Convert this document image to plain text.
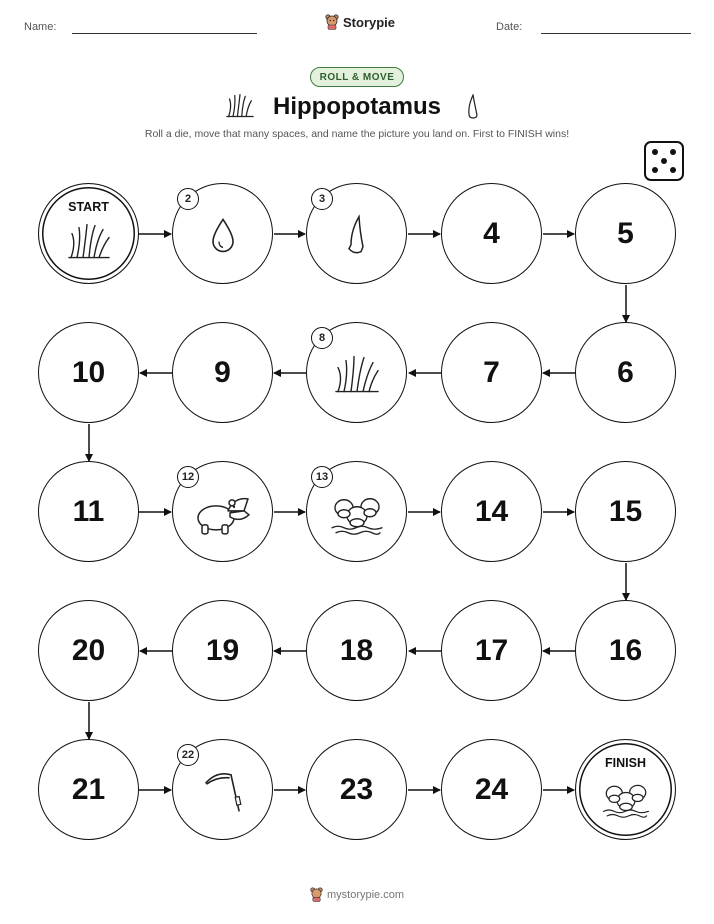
Name:	Storypie	Date:
ROLL & MOVE
Hippopotamus
Roll a die, move that many spaces, and name the picture you land on. First to FINISH wins!
START
2	3
4	5
10	9
8
7	6
11
12	13
14	15
20	19	18	17	16
21
22
23	24
FINISH
mystorypie.com
